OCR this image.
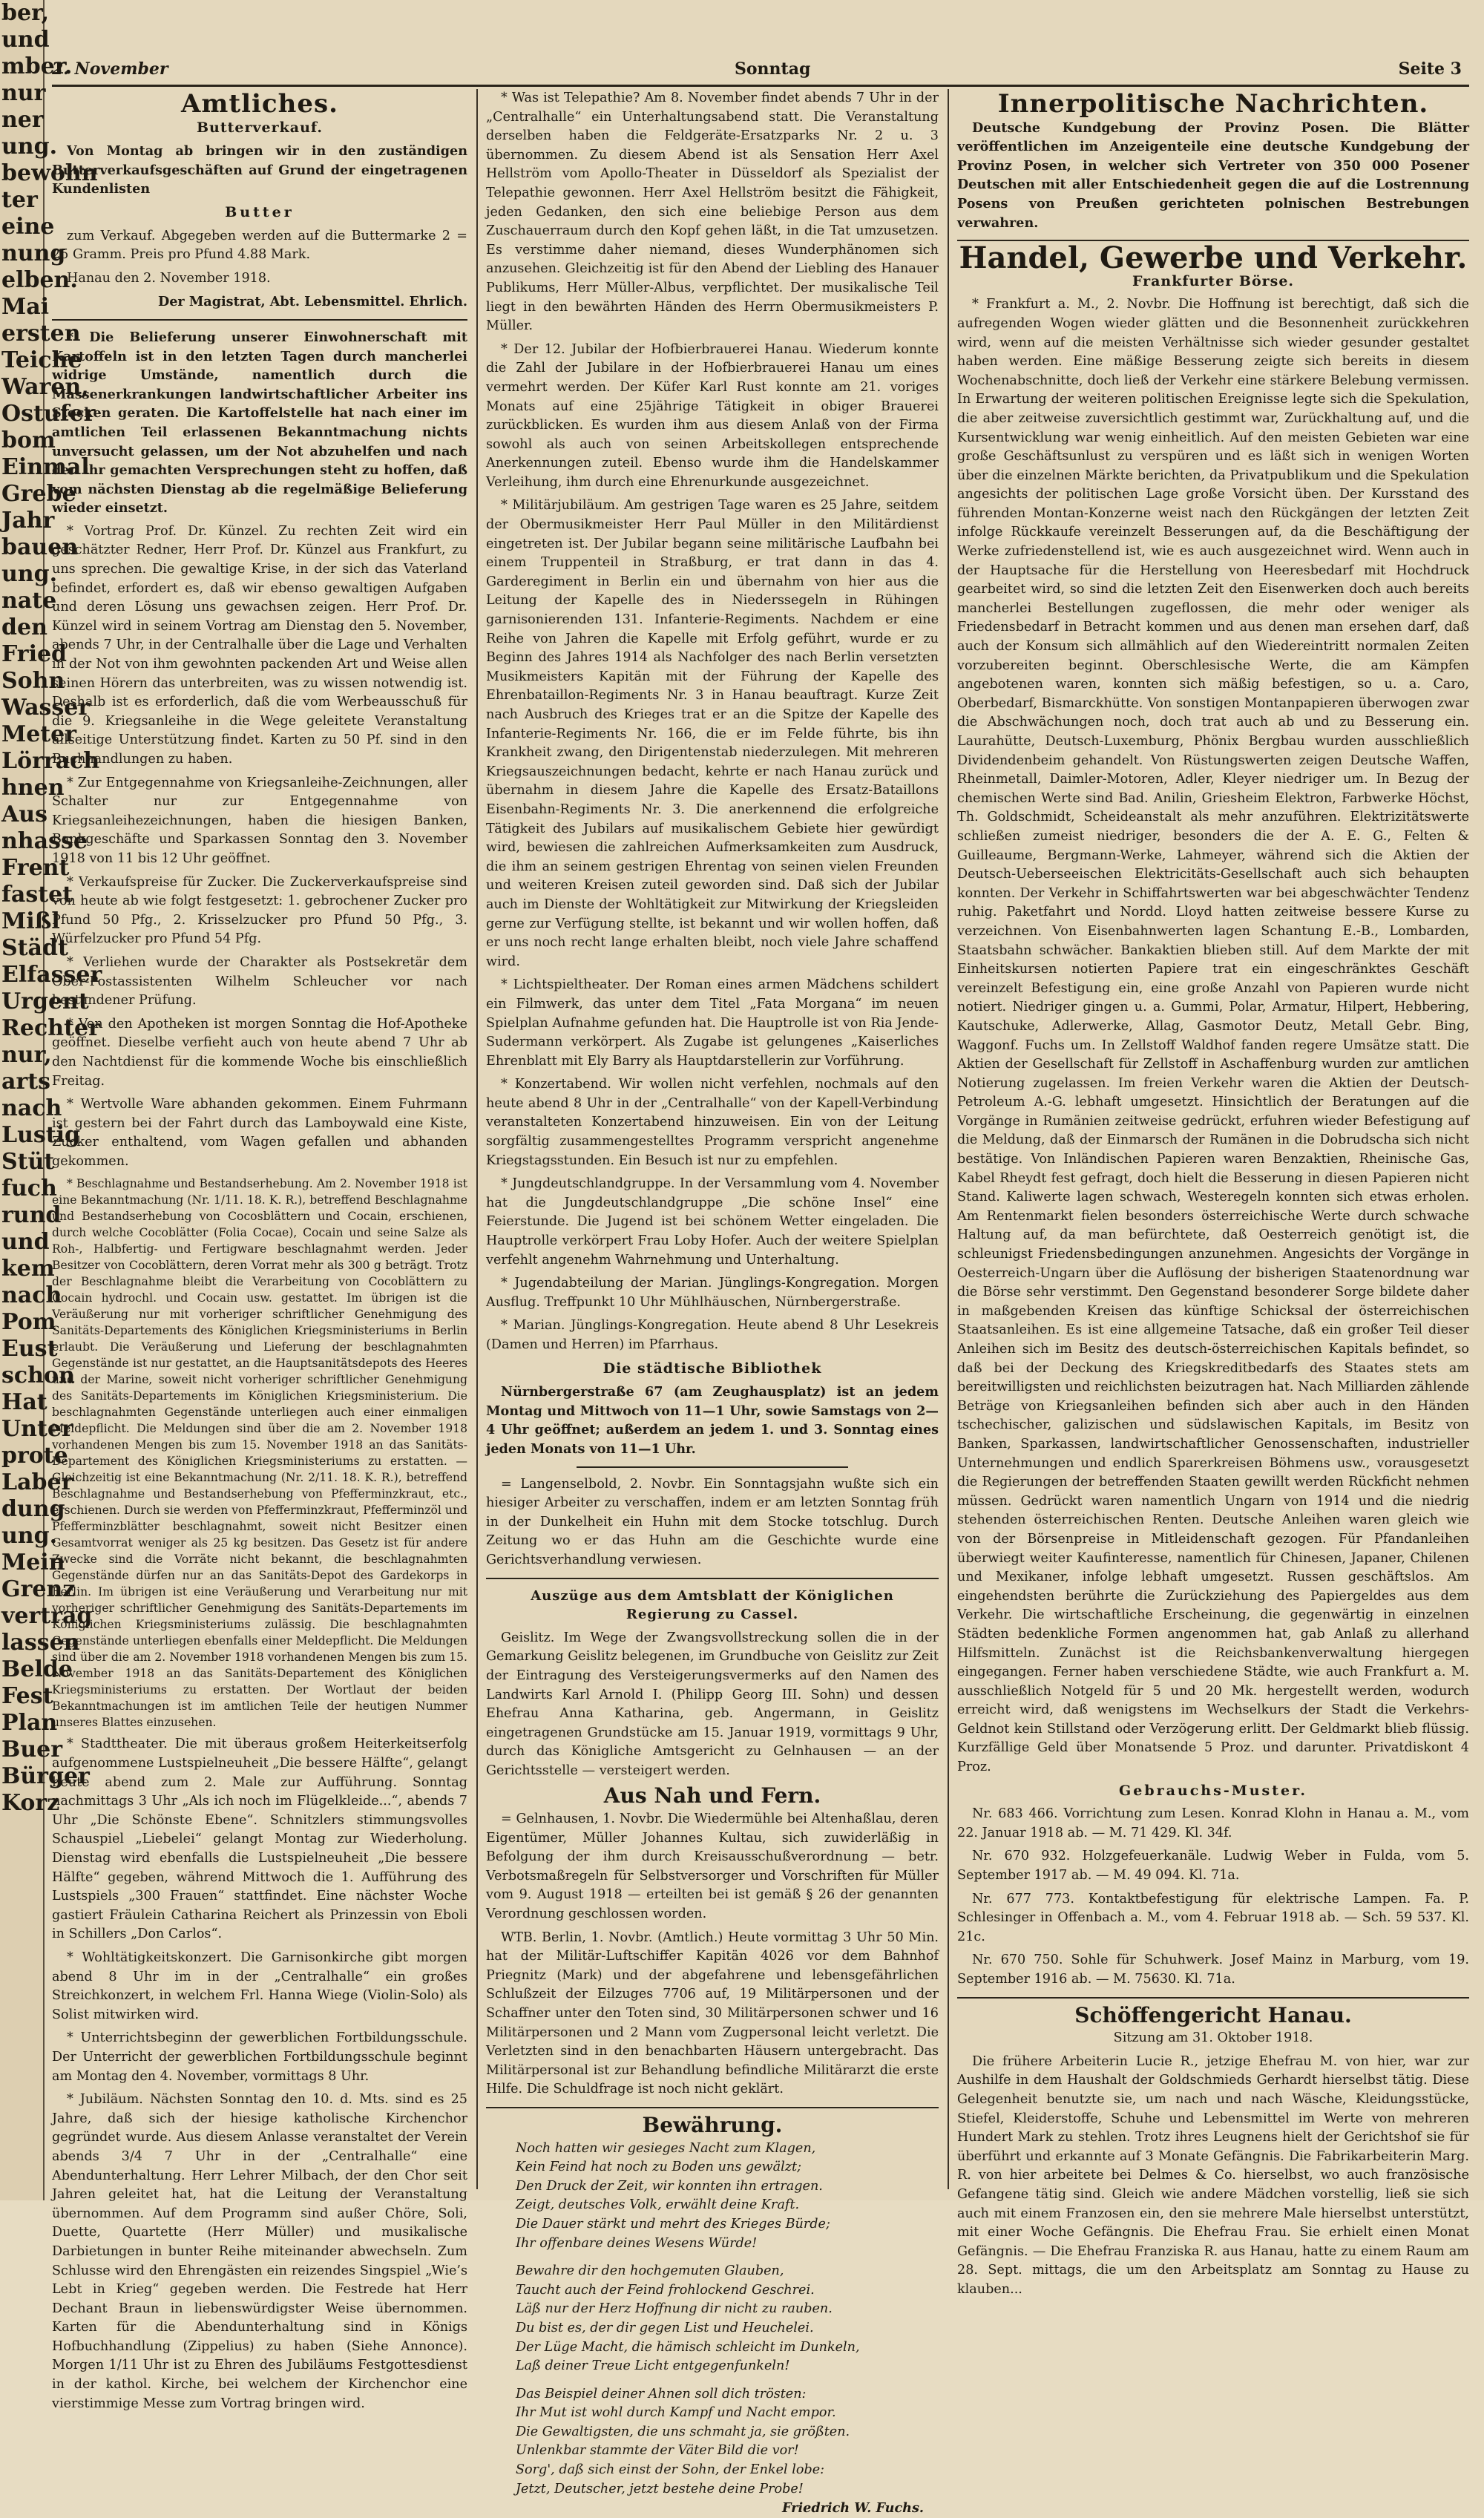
ber,
und
mber.
nur
ner
ung.
bewohn
ter
eine
nung
elben.
Mai
ersten
Teiche
Waren,
Ostufer
bom
Einmal
Grebe
Jahr
bauen
ung.
nate
den
Fried
Sohn
Wasser
Meter
Lörrach
hnen
Aus
nhasse
Frent
fastet
Mißl
Städt
Elfasser
Urgent
Rechter
nur,
arts
nach
Lustig
Stüt
fuch
rund
und
kem
nach
Pom
Eust
schon
Hat
Unter
prote
Laber
dung
ung.
Mein
Grenz
vertrag
lassen
Belde
Fest
Plan
Buer
Bürger
Korz
2. November	Sonntag	Seite 3
Amtliches.
Butterverkauf.

Von Montag ab bringen wir in den zuständigen Butterverkaufsgeschäften auf Grund der eingetragenen Kundenlisten

Butter

zum Verkauf. Abgegeben werden auf die Buttermarke 2 = 25 Gramm. Preis pro Pfund 4.88 Mark.

Hanau den 2. November 1918.

Der Magistrat, Abt. Lebensmittel. Ehrlich.

* Die Belieferung unserer Einwohnerschaft mit Kartoffeln ist in den letzten Tagen durch mancherlei widrige Umstände, namentlich durch die Massenerkrankungen landwirtschaftlicher Arbeiter ins Stocken geraten. Die Kartoffelstelle hat nach einer im amtlichen Teil erlassenen Bekanntmachung nichts unversucht gelassen, um der Not abzuhelfen und nach den ihr gemachten Versprechungen steht zu hoffen, daß vom nächsten Dienstag ab die regelmäßige Belieferung wieder einsetzt.

* Vortrag Prof. Dr. Künzel. Zu rechten Zeit wird ein geschätzter Redner, Herr Prof. Dr. Künzel aus Frankfurt, zu uns sprechen. Die gewaltige Krise, in der sich das Vaterland befindet, erfordert es, daß wir ebenso gewaltigen Aufgaben und deren Lösung uns gewachsen zeigen. Herr Prof. Dr. Künzel wird in seinem Vortrag am Dienstag den 5. November, abends 7 Uhr, in der Centralhalle über die Lage und Verhalten in der Not von ihm gewohnten packenden Art und Weise allen seinen Hörern das unterbreiten, was zu wissen notwendig ist. Deshalb ist es erforderlich, daß die vom Werbeausschuß für die 9. Kriegsanleihe in die Wege geleitete Veranstaltung allseitige Unterstützung findet. Karten zu 50 Pf. sind in den Buchhandlungen zu haben.

* Zur Entgegennahme von Kriegsanleihe-Zeichnungen, aller Schalter nur zur Entgegennahme von Kriegsanleihezeichnungen, haben die hiesigen Banken, Bankgeschäfte und Sparkassen Sonntag den 3. November 1918 von 11 bis 12 Uhr geöffnet.

* Verkaufspreise für Zucker. Die Zuckerverkaufspreise sind von heute ab wie folgt festgesetzt: 1. gebrochener Zucker pro Pfund 50 Pfg., 2. Krisselzucker pro Pfund 50 Pfg., 3. Würfelzucker pro Pfund 54 Pfg.

* Verliehen wurde der Charakter als Postsekretär dem Ober-Postassistenten Wilhelm Schleucher vor nach bestandener Prüfung.

* Von den Apotheken ist morgen Sonntag die Hof-Apotheke geöffnet. Dieselbe verfieht auch von heute abend 7 Uhr ab den Nachtdienst für die kommende Woche bis einschließlich Freitag.

* Wertvolle Ware abhanden gekommen. Einem Fuhrmann ist gestern bei der Fahrt durch das Lamboywald eine Kiste, Zucker enthaltend, vom Wagen gefallen und abhanden gekommen.

* Beschlagnahme und Bestandserhebung. Am 2. November 1918 ist eine Bekanntmachung (Nr. 1/11. 18. K. R.), betreffend Beschlagnahme und Bestandserhebung von Cocosblättern und Cocain, erschienen, durch welche Cocoblätter (Folia Cocae), Cocain und seine Salze als Roh-, Halbfertig- und Fertigware beschlagnahmt werden. Jeder Besitzer von Cocoblättern, deren Vorrat mehr als 300 g beträgt. Trotz der Beschlagnahme bleibt die Verarbeitung von Cocoblättern zu Cocain hydrochl. und Cocain usw. gestattet. Im übrigen ist die Veräußerung nur mit vorheriger schriftlicher Genehmigung des Sanitäts-Departements des Königlichen Kriegsministeriums in Berlin erlaubt. Die Veräußerung und Lieferung der beschlagnahmten Gegenstände ist nur gestattet, an die Hauptsanitätsdepots des Heeres und der Marine, soweit nicht vorheriger schriftlicher Genehmigung des Sanitäts-Departements im Königlichen Kriegsministerium. Die beschlagnahmten Gegenstände unterliegen auch einer einmaligen Meldepflicht. Die Meldungen sind über die am 2. November 1918 vorhandenen Mengen bis zum 15. November 1918 an das Sanitäts-Departement des Königlichen Kriegsministeriums zu erstatten. — Gleichzeitig ist eine Bekanntmachung (Nr. 2/11. 18. K. R.), betreffend Beschlagnahme und Bestandserhebung von Pfefferminzkraut, etc., erschienen. Durch sie werden von Pfefferminzkraut, Pfefferminzöl und Pfefferminzblätter beschlagnahmt, soweit nicht Besitzer einen Gesamtvorrat weniger als 25 kg besitzen. Das Gesetz ist für andere Zwecke sind die Vorräte nicht bekannt, die beschlagnahmten Gegenstände dürfen nur an das Sanitäts-Depot des Gardekorps in Berlin. Im übrigen ist eine Veräußerung und Verarbeitung nur mit vorheriger schriftlicher Genehmigung des Sanitäts-Departements im Königlichen Kriegsministeriums zulässig. Die beschlagnahmten Gegenstände unterliegen ebenfalls einer Meldepflicht. Die Meldungen sind über die am 2. November 1918 vorhandenen Mengen bis zum 15. November 1918 an das Sanitäts-Departement des Königlichen Kriegsministeriums zu erstatten. Der Wortlaut der beiden Bekanntmachungen ist im amtlichen Teile der heutigen Nummer unseres Blattes einzusehen.

* Stadttheater. Die mit überaus großem Heiterkeitserfolg aufgenommene Lustspielneuheit „Die bessere Hälfte“, gelangt heute abend zum 2. Male zur Aufführung. Sonntag nachmittags 3 Uhr „Als ich noch im Flügelkleide...“, abends 7 Uhr „Die Schönste Ebene“. Schnitzlers stimmungsvolles Schauspiel „Liebelei“ gelangt Montag zur Wiederholung. Dienstag wird ebenfalls die Lustspielneuheit „Die bessere Hälfte“ gegeben, während Mittwoch die 1. Aufführung des Lustspiels „300 Frauen“ stattfindet. Eine nächster Woche gastiert Fräulein Catharina Reichert als Prinzessin von Eboli in Schillers „Don Carlos“.

* Wohltätigkeitskonzert. Die Garnisonkirche gibt morgen abend 8 Uhr im in der „Centralhalle“ ein großes Streichkonzert, in welchem Frl. Hanna Wiege (Violin-Solo) als Solist mitwirken wird.

* Unterrichtsbeginn der gewerblichen Fortbildungsschule. Der Unterricht der gewerblichen Fortbildungsschule beginnt am Montag den 4. November, vormittags 8 Uhr.

* Jubiläum. Nächsten Sonntag den 10. d. Mts. sind es 25 Jahre, daß sich der hiesige katholische Kirchenchor gegründet wurde. Aus diesem Anlasse veranstaltet der Verein abends 3/4 7 Uhr in der „Centralhalle“ eine Abendunterhaltung. Herr Lehrer Milbach, der den Chor seit Jahren geleitet hat, hat die Leitung der Veranstaltung übernommen. Auf dem Programm sind außer Chöre, Soli, Duette, Quartette (Herr Müller) und musikalische Darbietungen in bunter Reihe miteinander abwechseln. Zum Schlusse wird den Ehrengästen ein reizendes Singspiel „Wie’s Lebt in Krieg“ gegeben werden. Die Festrede hat Herr Dechant Braun in liebenswürdigster Weise übernommen. Karten für die Abendunterhaltung sind in Königs Hofbuchhandlung (Zippelius) zu haben (Siehe Annonce). Morgen 1/11 Uhr ist zu Ehren des Jubiläums Festgottesdienst in der kathol. Kirche, bei welchem der Kirchenchor eine vierstimmige Messe zum Vortrag bringen wird.

* Was ist Telepathie? Am 8. November findet abends 7 Uhr in der „Centralhalle“ ein Unterhaltungsabend statt. Die Veranstaltung derselben haben die Feldgeräte-Ersatzparks Nr. 2 u. 3 übernommen. Zu diesem Abend ist als Sensation Herr Axel Hellström vom Apollo-Theater in Düsseldorf als Spezialist der Telepathie gewonnen. Herr Axel Hellström besitzt die Fähigkeit, jeden Gedanken, den sich eine beliebige Person aus dem Zuschauerraum durch den Kopf gehen läßt, in die Tat umzusetzen. Es verstimme daher niemand, dieses Wunderphänomen sich anzusehen. Gleichzeitig ist für den Abend der Liebling des Hanauer Publikums, Herr Müller-Albus, verpflichtet. Der musikalische Teil liegt in den bewährten Händen des Herrn Obermusikmeisters P. Müller.

* Der 12. Jubilar der Hofbierbrauerei Hanau. Wiederum konnte die Zahl der Jubilare in der Hofbierbrauerei Hanau um eines vermehrt werden. Der Küfer Karl Rust konnte am 21. voriges Monats auf eine 25jährige Tätigkeit in obiger Brauerei zurückblicken. Es wurden ihm aus diesem Anlaß von der Firma sowohl als auch von seinen Arbeitskollegen entsprechende Anerkennungen zuteil. Ebenso wurde ihm die Handelskammer Verleihung, ihm durch eine Ehrenurkunde ausgezeichnet.

* Militärjubiläum. Am gestrigen Tage waren es 25 Jahre, seitdem der Obermusikmeister Herr Paul Müller in den Militärdienst eingetreten ist. Der Jubilar begann seine militärische Laufbahn bei einem Truppenteil in Straßburg, er trat dann in das 4. Garderegiment in Berlin ein und übernahm von hier aus die Leitung der Kapelle des in Niederssegeln in Rühingen garnisonierenden 131. Infanterie-Regiments. Nachdem er eine Reihe von Jahren die Kapelle mit Erfolg geführt, wurde er zu Beginn des Jahres 1914 als Nachfolger des nach Berlin versetzten Musikmeisters Kapitän mit der Führung der Kapelle des Ehrenbataillon-Regiments Nr. 3 in Hanau beauftragt. Kurze Zeit nach Ausbruch des Krieges trat er an die Spitze der Kapelle des Infanterie-Regiments Nr. 166, die er im Felde führte, bis ihn Krankheit zwang, den Dirigentenstab niederzulegen. Mit mehreren Kriegsauszeichnungen bedacht, kehrte er nach Hanau zurück und übernahm in diesem Jahre die Kapelle des Ersatz-Bataillons Eisenbahn-Regiments Nr. 3. Die anerkennend die erfolgreiche Tätigkeit des Jubilars auf musikalischem Gebiete hier gewürdigt wird, bewiesen die zahlreichen Aufmerksamkeiten zum Ausdruck, die ihm an seinem gestrigen Ehrentag von seinen vielen Freunden und weiteren Kreisen zuteil geworden sind. Daß sich der Jubilar auch im Dienste der Wohltätigkeit zur Mitwirkung der Kriegsleiden gerne zur Verfügung stellte, ist bekannt und wir wollen hoffen, daß er uns noch recht lange erhalten bleibt, noch viele Jahre schaffend wird.

* Lichtspieltheater. Der Roman eines armen Mädchens schildert ein Filmwerk, das unter dem Titel „Fata Morgana“ im neuen Spielplan Aufnahme gefunden hat. Die Hauptrolle ist von Ria Jende-Sudermann verkörpert. Als Zugabe ist gelungenes „Kaiserliches Ehrenblatt mit Ely Barry als Hauptdarstellerin zur Vorführung.

* Konzertabend. Wir wollen nicht verfehlen, nochmals auf den heute abend 8 Uhr in der „Centralhalle“ von der Kapell-Verbindung veranstalteten Konzertabend hinzuweisen. Ein von der Leitung sorgfältig zusammengestelltes Programm verspricht angenehme Kriegstagsstunden. Ein Besuch ist nur zu empfehlen.

* Jungdeutschlandgruppe. In der Versammlung vom 4. November hat die Jungdeutschlandgruppe „Die schöne Insel“ eine Feierstunde. Die Jugend ist bei schönem Wetter eingeladen. Die Hauptrolle verkörpert Frau Loby Hofer. Auch der weitere Spielplan verfehlt angenehm Wahrnehmung und Unterhaltung.

* Jugendabteilung der Marian. Jünglings-Kongregation. Morgen Ausflug. Treffpunkt 10 Uhr Mühlhäuschen, Nürnbergerstraße.

* Marian. Jünglings-Kongregation. Heute abend 8 Uhr Lesekreis (Damen und Herren) im Pfarrhaus.

Die städtische Bibliothek

Nürnbergerstraße 67 (am Zeughausplatz) ist an jedem Montag und Mittwoch von 11—1 Uhr, sowie Samstags von 2—4 Uhr geöffnet; außerdem an jedem 1. und 3. Sonntag eines jeden Monats von 11—1 Uhr.

= Langenselbold, 2. Novbr. Ein Sonntagsjahn wußte sich ein hiesiger Arbeiter zu verschaffen, indem er am letzten Sonntag früh in der Dunkelheit ein Huhn mit dem Stocke totschlug. Durch Zeitung wo er das Huhn am die Geschichte wurde eine Gerichtsverhandlung verwiesen.

Auszüge aus dem Amtsblatt der Königlichen Regierung zu Cassel.

Geislitz. Im Wege der Zwangsvollstreckung sollen die in der Gemarkung Geislitz belegenen, im Grundbuche von Geislitz zur Zeit der Eintragung des Versteigerungsvermerks auf den Namen des Landwirts Karl Arnold I. (Philipp Georg III. Sohn) und dessen Ehefrau Anna Katharina, geb. Angermann, in Geislitz eingetragenen Grundstücke am 15. Januar 1919, vormittags 9 Uhr, durch das Königliche Amtsgericht zu Gelnhausen — an der Gerichtsstelle — versteigert werden.

Aus Nah und Fern.

= Gelnhausen, 1. Novbr. Die Wiedermühle bei Altenhaßlau, deren Eigentümer, Müller Johannes Kultau, sich zuwiderläßig in Befolgung der ihm durch Kreisausschußverordnung — betr. Verbotsmaßregeln für Selbstversorger und Vorschriften für Müller vom 9. August 1918 — erteilten bei ist gemäß § 26 der genannten Verordnung geschlossen worden.

WTB. Berlin, 1. Novbr. (Amtlich.) Heute vormittag 3 Uhr 50 Min. hat der Militär-Luftschiffer Kapitän 4026 vor dem Bahnhof Priegnitz (Mark) und der abgefahrene und lebensgefährlichen Schlußzeit der Eilzuges 7706 auf, 19 Militärpersonen und der Schaffner unter den Toten sind, 30 Militärpersonen schwer und 16 Militärpersonen und 2 Mann vom Zugpersonal leicht verletzt. Die Verletzten sind in den benachbarten Häusern untergebracht. Das Militärpersonal ist zur Behandlung befindliche Militärarzt die erste Hilfe. Die Schuldfrage ist noch nicht geklärt.

Bewährung.

Noch hatten wir gesieges Nacht zum Klagen,

Kein Feind hat noch zu Boden uns gewälzt;

Den Druck der Zeit, wir konnten ihn ertragen.

Zeigt, deutsches Volk, erwählt deine Kraft.

Die Dauer stärkt und mehrt des Krieges Bürde;

Ihr offenbare deines Wesens Würde!

Bewahre dir den hochgemuten Glauben,

Taucht auch der Feind frohlockend Geschrei.

Läß nur der Herz Hoffnung dir nicht zu rauben.

Du bist es, der dir gegen List und Heuchelei.

Der Lüge Macht, die hämisch schleicht im Dunkeln,

Laß deiner Treue Licht entgegenfunkeln!

Das Beispiel deiner Ahnen soll dich trösten:

Ihr Mut ist wohl durch Kampf und Nacht empor.

Die Gewaltigsten, die uns schmaht ja, sie größten.

Unlenkbar stammte der Väter Bild die vor!

Sorg', daß sich einst der Sohn, der Enkel lobe:

Jetzt, Deutscher, jetzt bestehe deine Probe!

Friedrich W. Fuchs.

Innerpolitische Nachrichten.

Deutsche Kundgebung der Provinz Posen. Die Blätter veröffentlichen im Anzeigenteile eine deutsche Kundgebung der Provinz Posen, in welcher sich Vertreter von 350 000 Posener Deutschen mit aller Entschiedenheit gegen die auf die Lostrennung Posens von Preußen gerichteten polnischen Bestrebungen verwahren.

Handel, Gewerbe und Verkehr.
Frankfurter Börse.

* Frankfurt a. M., 2. Novbr. Die Hoffnung ist berechtigt, daß sich die aufregenden Wogen wieder glätten und die Besonnenheit zurückkehren wird, wenn auf die meisten Verhältnisse sich wieder gesunder gestaltet haben werden. Eine mäßige Besserung zeigte sich bereits in diesem Wochenabschnitte, doch ließ der Verkehr eine stärkere Belebung vermissen. In Erwartung der weiteren politischen Ereignisse legte sich die Spekulation, die aber zeitweise zuversichtlich gestimmt war, Zurückhaltung auf, und die Kursentwicklung war wenig einheitlich. Auf den meisten Gebieten war eine große Geschäftsunlust zu verspüren und es läßt sich in wenigen Worten über die einzelnen Märkte berichten, da Privatpublikum und die Spekulation angesichts der politischen Lage große Vorsicht üben. Der Kursstand des führenden Montan-Konzerne weist nach den Rückgängen der letzten Zeit infolge Rückkaufe vereinzelt Besserungen auf, da die Beschäftigung der Werke zufriedenstellend ist, wie es auch ausgezeichnet wird. Wenn auch in der Hauptsache für die Herstellung von Heeresbedarf mit Hochdruck gearbeitet wird, so sind die letzten Zeit den Eisenwerken doch auch bereits mancherlei Bestellungen zugeflossen, die mehr oder weniger als Friedensbedarf in Betracht kommen und aus denen man ersehen darf, daß auch der Konsum sich allmählich auf den Wiedereintritt normalen Zeiten vorzubereiten beginnt. Oberschlesische Werte, die am Kämpfen angebotenen waren, konnten sich mäßig befestigen, so u. a. Caro, Oberbedarf, Bismarckhütte. Von sonstigen Montanpapieren überwogen zwar die Abschwächungen noch, doch trat auch ab und zu Besserung ein. Laurahütte, Deutsch-Luxemburg, Phönix Bergbau wurden ausschließlich Dividendenbeim gehandelt. Von Rüstungswerten zeigen Deutsche Waffen, Rheinmetall, Daimler-Motoren, Adler, Kleyer niedriger um. In Bezug der chemischen Werte sind Bad. Anilin, Griesheim Elektron, Farbwerke Höchst, Th. Goldschmidt, Scheideanstalt als mehr anzuführen. Elektrizitätswerte schließen zumeist niedriger, besonders die der A. E. G., Felten & Guilleaume, Bergmann-Werke, Lahmeyer, während sich die Aktien der Deutsch-Ueberseeischen Elektricitäts-Gesellschaft auch sich behaupten konnten. Der Verkehr in Schiffahrtswerten war bei abgeschwächter Tendenz ruhig. Paketfahrt und Nordd. Lloyd hatten zeitweise bessere Kurse zu verzeichnen. Von Eisenbahnwerten lagen Schantung E.-B., Lombarden, Staatsbahn schwächer. Bankaktien blieben still. Auf dem Markte der mit Einheitskursen notierten Papiere trat ein eingeschränktes Geschäft vereinzelt Befestigung ein, eine große Anzahl von Papieren wurde nicht notiert. Niedriger gingen u. a. Gummi, Polar, Armatur, Hilpert, Hebbering, Kautschuke, Adlerwerke, Allag, Gasmotor Deutz, Metall Gebr. Bing, Waggonf. Fuchs um. In Zellstoff Waldhof fanden regere Umsätze statt. Die Aktien der Gesellschaft für Zellstoff in Aschaffenburg wurden zur amtlichen Notierung zugelassen. Im freien Verkehr waren die Aktien der Deutsch-Petroleum A.-G. lebhaft umgesetzt. Hinsichtlich der Beratungen auf die Vorgänge in Rumänien zeitweise gedrückt, erfuhren wieder Befestigung auf die Meldung, daß der Einmarsch der Rumänen in die Dobrudscha sich nicht bestätige. Von Inländischen Papieren waren Benzaktien, Rheinische Gas, Kabel Rheydt fest gefragt, doch hielt die Besserung in diesen Papieren nicht Stand. Kaliwerte lagen schwach, Westeregeln konnten sich etwas erholen. Am Rentenmarkt fielen besonders österreichische Werte durch schwache Haltung auf, da man befürchtete, daß Oesterreich genötigt ist, die schleunigst Friedensbedingungen anzunehmen. Angesichts der Vorgänge in Oesterreich-Ungarn über die Auflösung der bisherigen Staatenordnung war die Börse sehr verstimmt. Den Gegenstand besonderer Sorge bildete daher in maßgebenden Kreisen das künftige Schicksal der österreichischen Staatsanleihen. Es ist eine allgemeine Tatsache, daß ein großer Teil dieser Anleihen sich im Besitz des deutsch-österreichischen Kapitals befindet, so daß bei der Deckung des Kriegskreditbedarfs des Staates stets am bereitwilligsten und reichlichsten beizutragen hat. Nach Milliarden zählende Beträge von Kriegsanleihen befinden sich aber auch in den Händen tschechischer, galizischen und südslawischen Kapitals, im Besitz von Banken, Sparkassen, landwirtschaftlicher Genossenschaften, industrieller Unternehmungen und endlich Sparerkreisen Böhmens usw., vorausgesetzt die Regierungen der betreffenden Staaten gewillt werden Rückficht nehmen müssen. Gedrückt waren namentlich Ungarn von 1914 und die niedrig stehenden österreichischen Renten. Deutsche Anleihen waren gleich wie von der Börsenpreise in Mitleidenschaft gezogen. Für Pfandanleihen überwiegt weiter Kaufinteresse, namentlich für Chinesen, Japaner, Chilenen und Mexikaner, infolge lebhaft umgesetzt. Russen geschäftslos. Am eingehendsten berührte die Zurückziehung des Papiergeldes aus dem Verkehr. Die wirtschaftliche Erscheinung, die gegenwärtig in einzelnen Städten bedenkliche Formen angenommen hat, gab Anlaß zu allerhand Hilfsmitteln. Zunächst ist die Reichsbankenverwaltung hiergegen eingegangen. Ferner haben verschiedene Städte, wie auch Frankfurt a. M. ausschließlich Notgeld für 5 und 20 Mk. hergestellt werden, wodurch erreicht wird, daß wenigstens im Wechselkurs der Stadt die Verkehrs-Geldnot kein Stillstand oder Verzögerung erlitt. Der Geldmarkt blieb flüssig. Kurzfällige Geld über Monatsende 5 Proz. und darunter. Privatdiskont 4 Proz.

Gebrauchs-Muster.

Nr. 683 466. Vorrichtung zum Lesen. Konrad Klohn in Hanau a. M., vom 22. Januar 1918 ab. — M. 71 429. Kl. 34f.

Nr. 670 932. Holzgefeuerkanäle. Ludwig Weber in Fulda, vom 5. September 1917 ab. — M. 49 094. Kl. 71a.

Nr. 677 773. Kontaktbefestigung für elektrische Lampen. Fa. P. Schlesinger in Offenbach a. M., vom 4. Februar 1918 ab. — Sch. 59 537. Kl. 21c.

Nr. 670 750. Sohle für Schuhwerk. Josef Mainz in Marburg, vom 19. September 1916 ab. — M. 75630. Kl. 71a.

Schöffengericht Hanau.

Sitzung am 31. Oktober 1918.

Die frühere Arbeiterin Lucie R., jetzige Ehefrau M. von hier, war zur Aushilfe in dem Haushalt der Goldschmieds Gerhardt hierselbst tätig. Diese Gelegenheit benutzte sie, um nach und nach Wäsche, Kleidungsstücke, Stiefel, Kleiderstoffe, Schuhe und Lebensmittel im Werte von mehreren Hundert Mark zu stehlen. Trotz ihres Leugnens hielt der Gerichtshof sie für überführt und erkannte auf 3 Monate Gefängnis. Die Fabrikarbeiterin Marg. R. von hier arbeitete bei Delmes & Co. hierselbst, wo auch französische Gefangene tätig sind. Gleich wie andere Mädchen vorstellig, ließ sie sich auch mit einem Franzosen ein, den sie mehrere Male hierselbst unterstützt, mit einer Woche Gefängnis. Die Ehefrau Frau. Sie erhielt einen Monat Gefängnis. — Die Ehefrau Franziska R. aus Hanau, hatte zu einem Raum am 28. Sept. mittags, die um den Arbeitsplatz am Sonntag zu Hause zu klauben...
